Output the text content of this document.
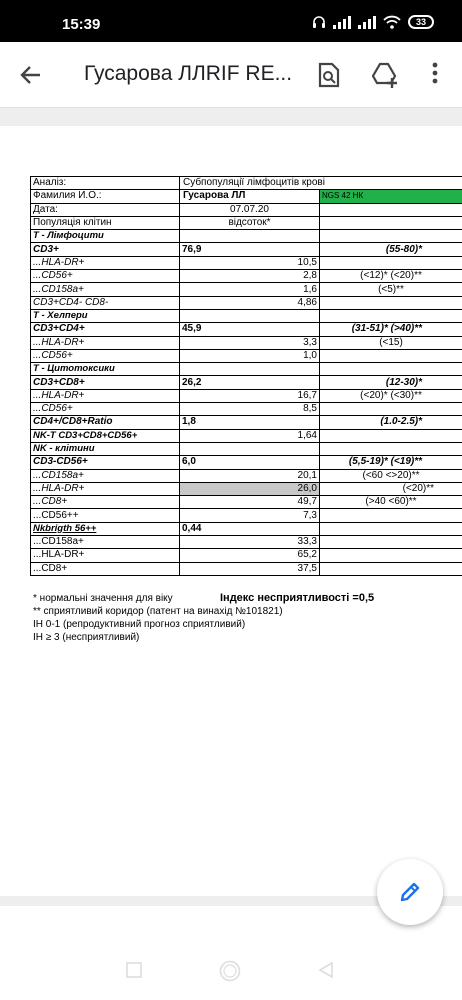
15:39	33
Гусарова ЛЛRIF RE...
Аналіз:	Субпопуляції лімфоцитів крові	
Фамилия И.О.:	Гусарова ЛЛ	NGS 42 НК
Дата:	07.07.20	
Популяція клітин	відсоток*	
T - Лімфоцити		
CD3+	76,9	(55-80)*
...HLA-DR+	10,5	
...CD56+	2,8	(<12)* (<20)**
...CD158a+	1,6	(<5)**
CD3+CD4- CD8-	4,86	
T - Хелпери		
CD3+CD4+	45,9	(31-51)* (>40)**
...HLA-DR+	3,3	(<15)
...CD56+	1,0	
T - Цитотоксики		
CD3+CD8+	26,2	(12-30)*
...HLA-DR+	16,7	(<20)* (<30)**
...CD56+	8,5	
CD4+/CD8+Ratio	1,8	(1.0-2.5)*
NK-T CD3+CD8+CD56+	1,64	
NK - клітини		
CD3-CD56+	6,0	(5,5-19)* (<19)**
...CD158a+	20,1	(<60 <>20)**
...HLA-DR+	26,0	(<20)**
...CD8+	49,7	(>40 <60)**
...CD56++	7,3	
Nkbrigth 56++	0,44	
...CD158a+	33,3	
...HLA-DR+	65,2	
...CD8+	37,5	
* нормальні значення для віку	Індекс несприятливості =0,5
** сприятливий коридор (патент на винахід №101821)
ІН 0-1 (репродуктивний прогноз сприятливий)
ІН ≥ 3 (несприятливий)
